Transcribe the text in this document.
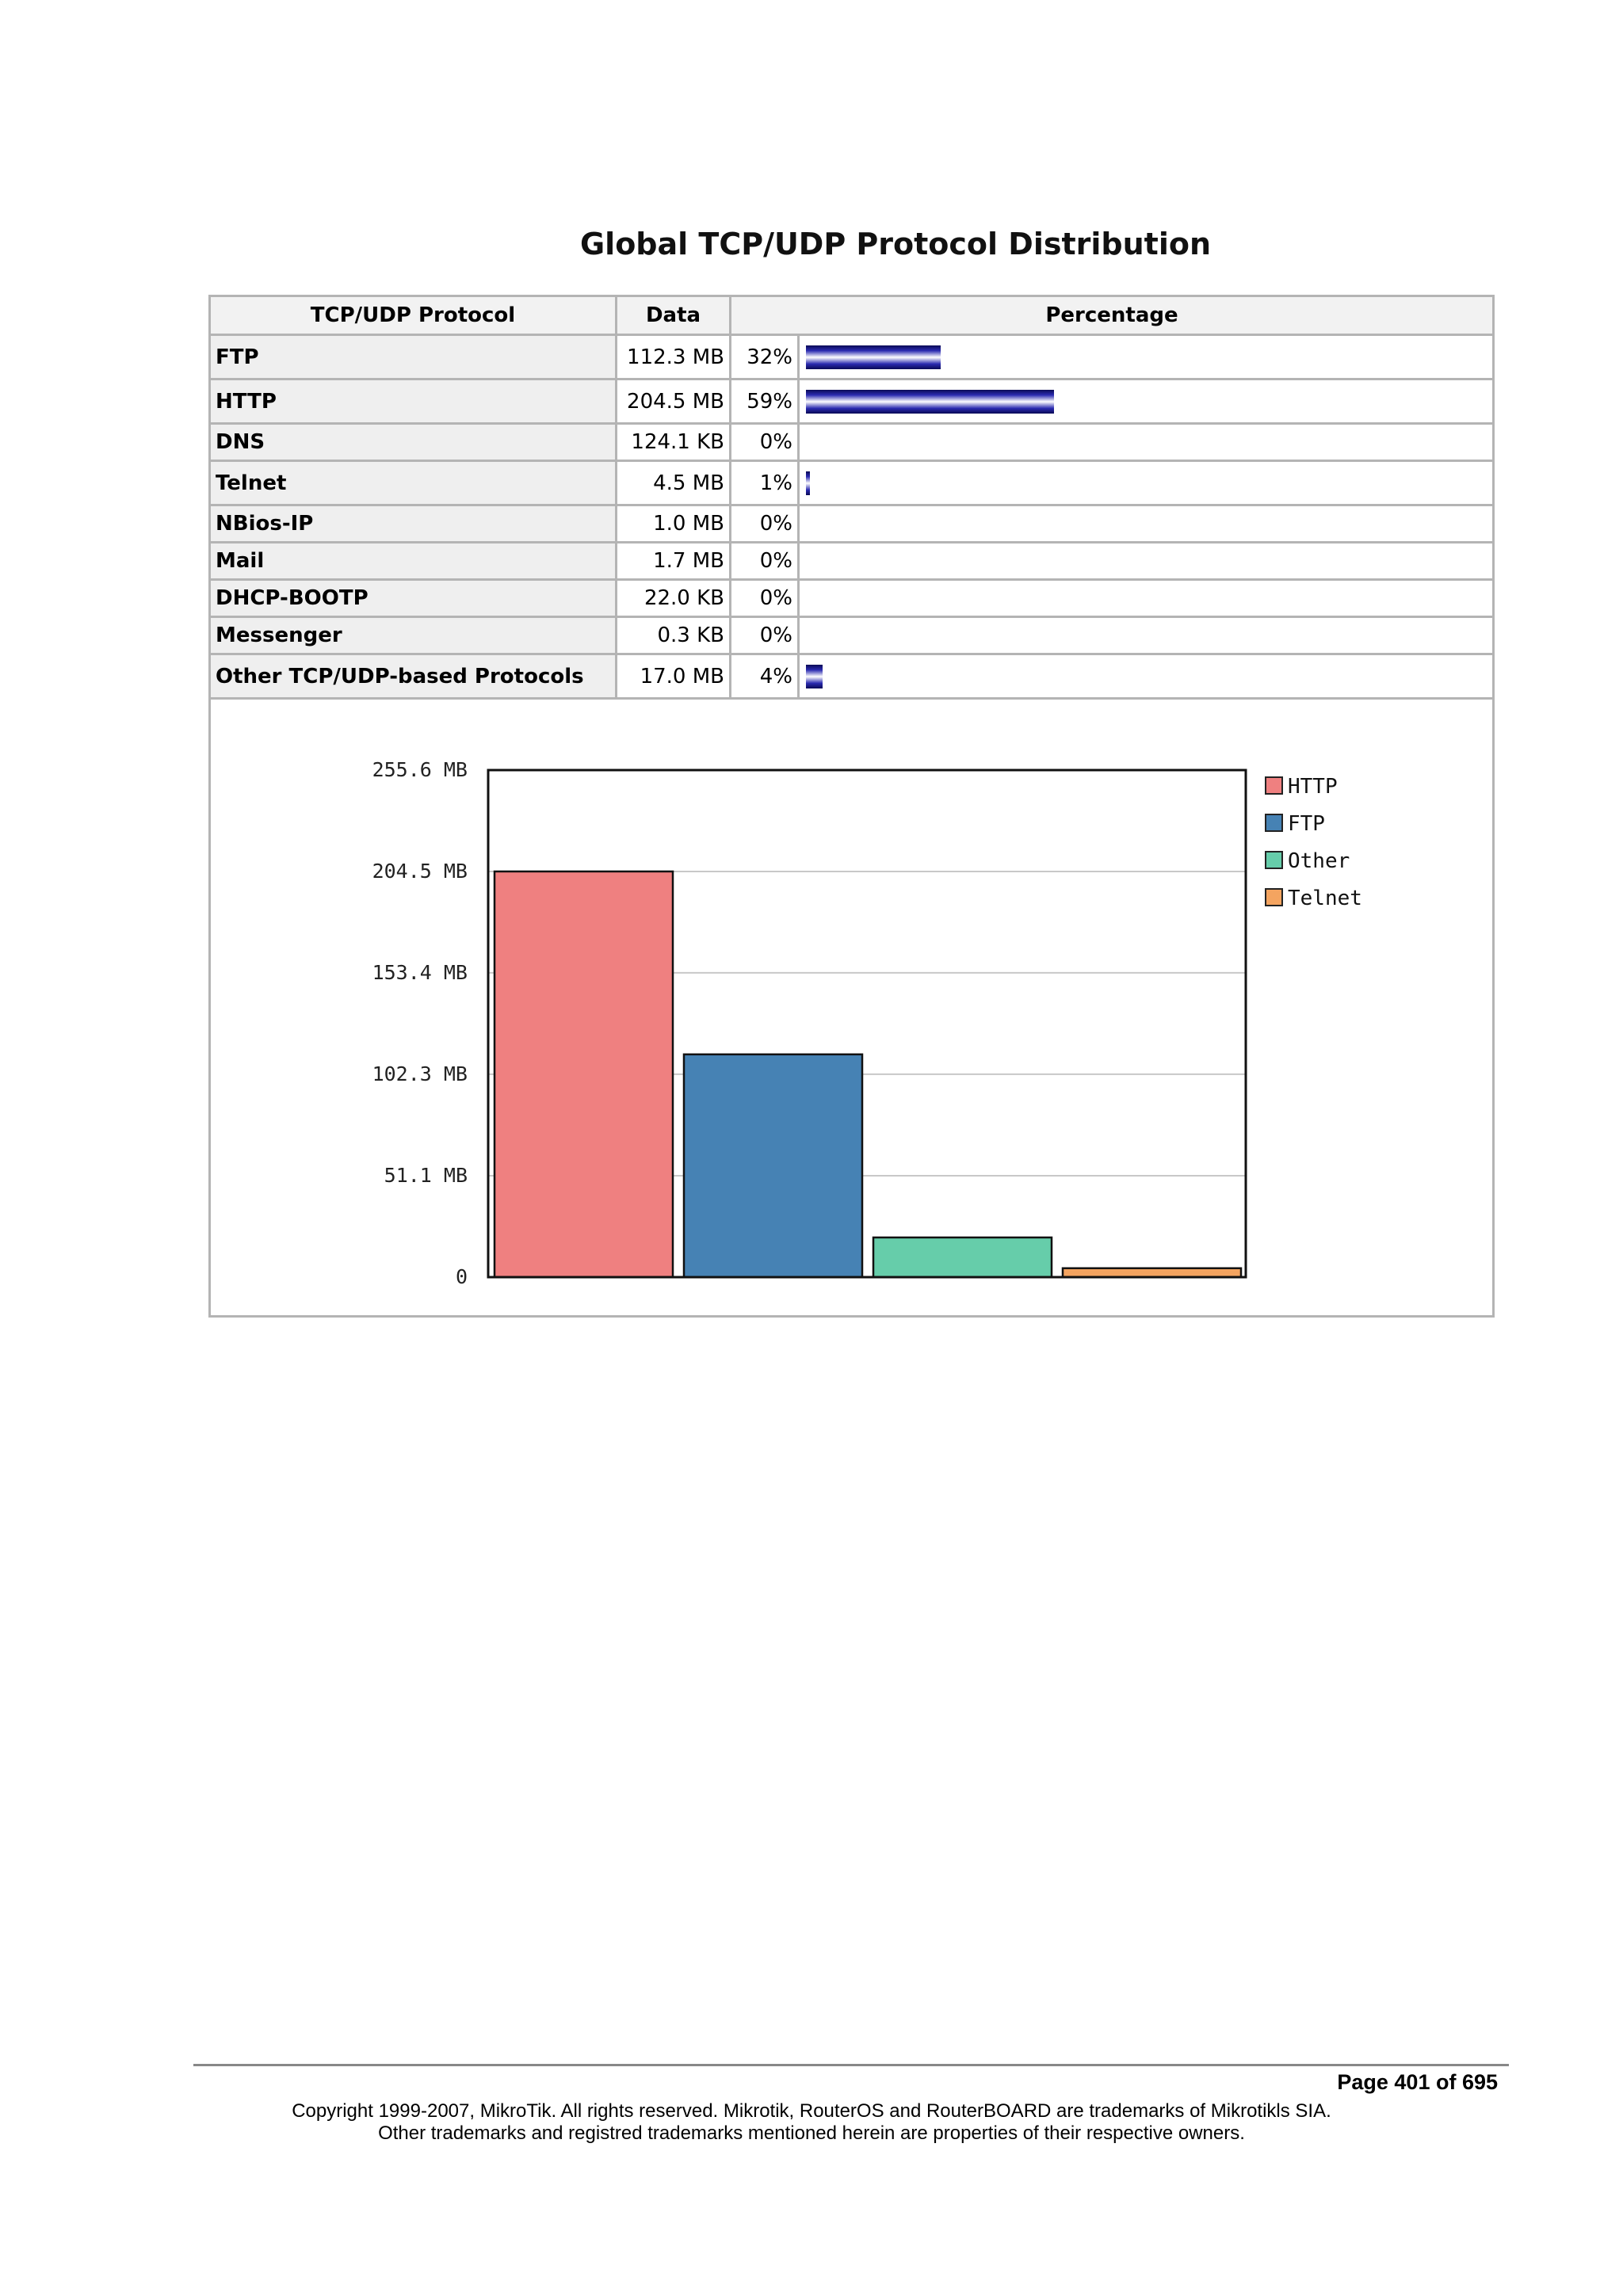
Global TCP/UDP Protocol Distribution
TCP/UDP Protocol	Data	Percentage	
FTP	112.3 MB	32%	

HTTP	204.5 MB	59%	

DNS	124.1 KB	0%	
Telnet	4.5 MB	1%	

NBios-IP	1.0 MB	0%	
Mail	1.7 MB	0%	
DHCP-BOOTP	22.0 KB	0%	
Messenger	0.3 KB	0%	
Other TCP/UDP-based Protocols	17.0 MB	4%	
0
51.1 MB
102.3 MB
153.4 MB
204.5 MB
255.6 MB
HTTP
FTP
Other
Telnet
Page 401 of 695
Copyright 1999-2007, MikroTik. All rights reserved. Mikrotik, RouterOS and RouterBOARD are trademarks of Mikrotikls SIA.
Other trademarks and registred trademarks mentioned herein are properties of their respective owners.
